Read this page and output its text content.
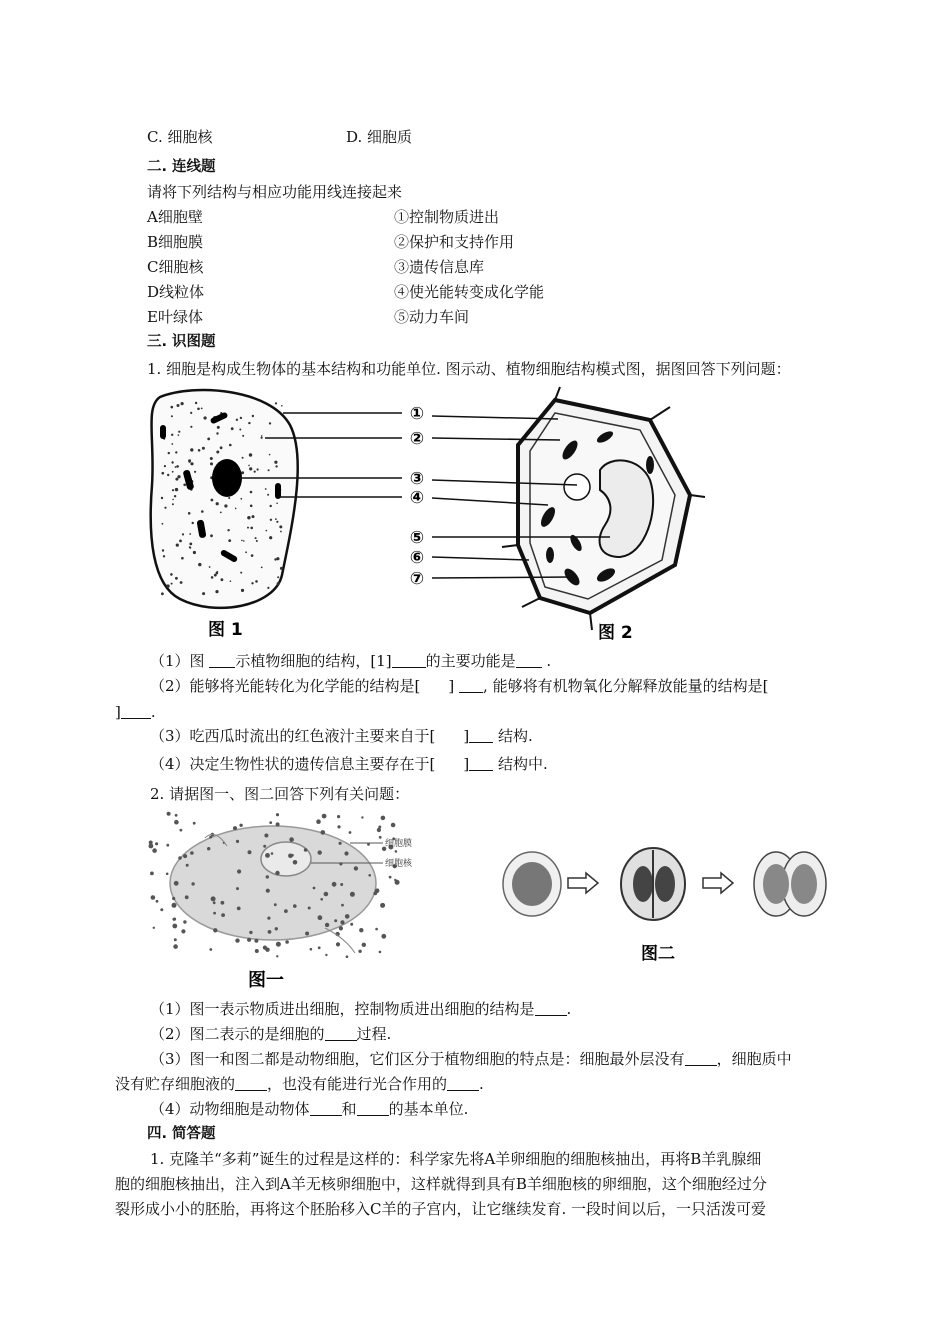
C. 细胞核	D. 细胞质
二. 连线题
请将下列结构与相应功能用线连接起来
A细胞壁
B细胞膜
C细胞核
D线粒体
E叶绿体
①控制物质进出
②保护和支持作用
③遗传信息库
④使光能转变成化学能
⑤动力车间
三. 识图题
1. 细胞是构成生物体的基本结构和功能单位. 图示动、植物细胞结构模式图，据图回答下列问题：
①
②
③
④
⑤
⑥
⑦
图 1	图 2
（1）图 示植物细胞的结构，[1] 的主要功能是 .
（2）能够将光能转化为化学能的结构是[ ] , 能够将有机物氧化分解释放能量的结构是[
] .
（3）吃西瓜时流出的红色液汁主要来自于[ ] 结构.
（4）决定生物性状的遗传信息主要存在于[ ] 结构中.
2. 请据图一、图二回答下列有关问题：
细胞膜
细胞核
图一
图二
（1）图一表示物质进出细胞，控制物质进出细胞的结构是 .
（2）图二表示的是细胞的 过程.
（3）图一和图二都是动物细胞，它们区分于植物细胞的特点是：细胞最外层没有 ，细胞质中
没有贮存细胞液的 ，也没有能进行光合作用的 .
（4）动物细胞是动物体 和 的基本单位.
四. 简答题
1. 克隆羊“多莉”诞生的过程是这样的：科学家先将A羊卵细胞的细胞核抽出，再将B羊乳腺细
胞的细胞核抽出，注入到A羊无核卵细胞中，这样就得到具有B羊细胞核的卵细胞，这个细胞经过分
裂形成小小的胚胎，再将这个胚胎移入C羊的子宫内，让它继续发育. 一段时间以后，一只活泼可爱
